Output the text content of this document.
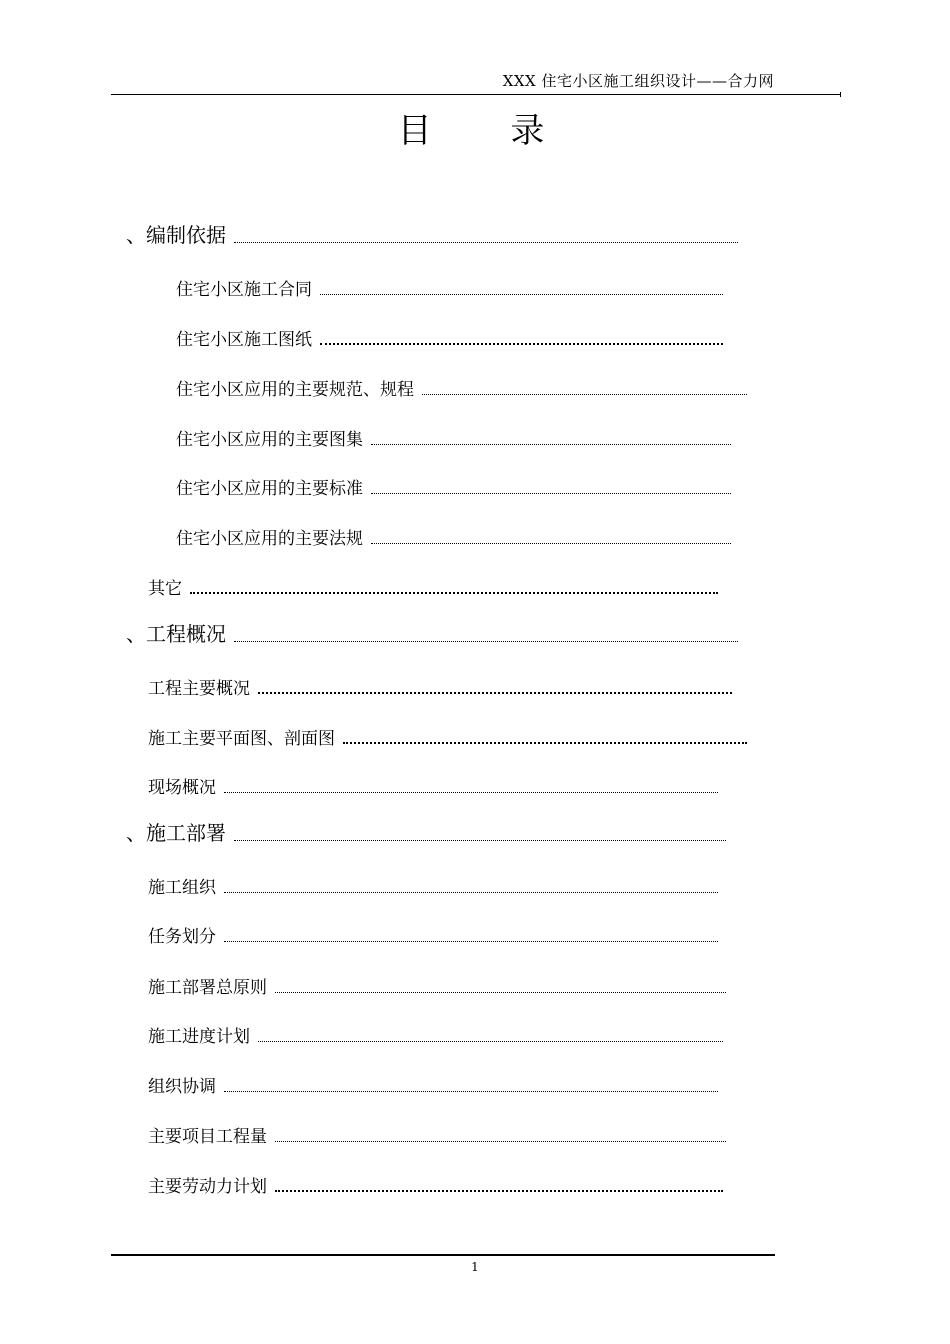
XXX 住宅小区施工组织设计——合力网
目 录
、编制依据
住宅小区施工合同
住宅小区施工图纸
住宅小区应用的主要规范、规程
住宅小区应用的主要图集
住宅小区应用的主要标准
住宅小区应用的主要法规
其它
、工程概况
工程主要概况
施工主要平面图、剖面图
现场概况
、施工部署
施工组织
任务划分
施工部署总原则
施工进度计划
组织协调
主要项目工程量
主要劳动力计划
1
